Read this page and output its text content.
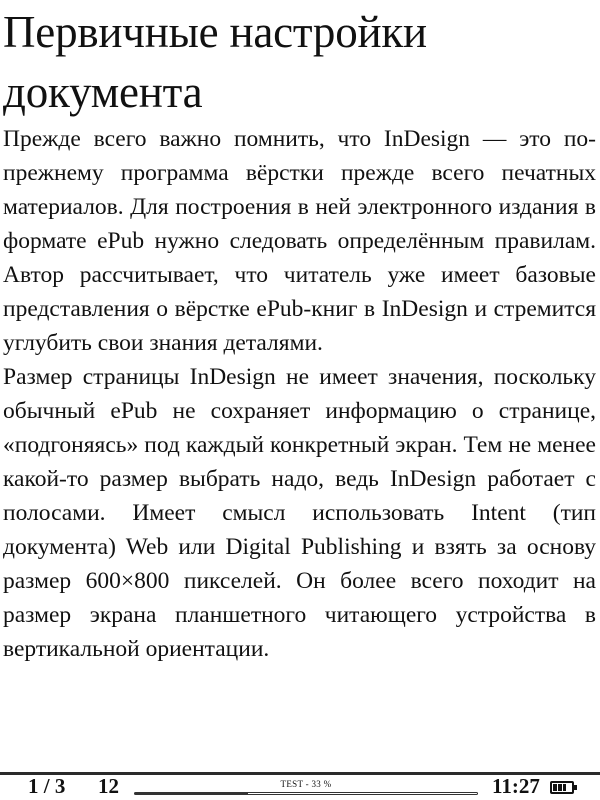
Первичные настройки документа

Прежде всего важно помнить, что InDesign — это по-прежнему программа вёрстки прежде всего печатных материалов. Для построения в ней электронного издания в формате ePub нужно следовать определённым правилам. Автор рассчитывает, что читатель уже имеет базовые представления о вёрстке ePub-книг в InDesign и стремится углубить свои знания деталями.

Размер страницы InDesign не имеет значения, поскольку обычный ePub не сохраняет информацию о странице, «подгоняясь» под каждый конкретный экран. Тем не менее какой-то размер выбрать надо, ведь InDesign работает с полосами. Имеет смысл использовать Intent (тип документа) Web или Digital Publishing и взять за основу размер 600×800 пикселей. Он более всего походит на размер экрана планшетного читающего устройства в вертикальной ориентации.

1 / 3 12	TEST - 33 %	11:27
